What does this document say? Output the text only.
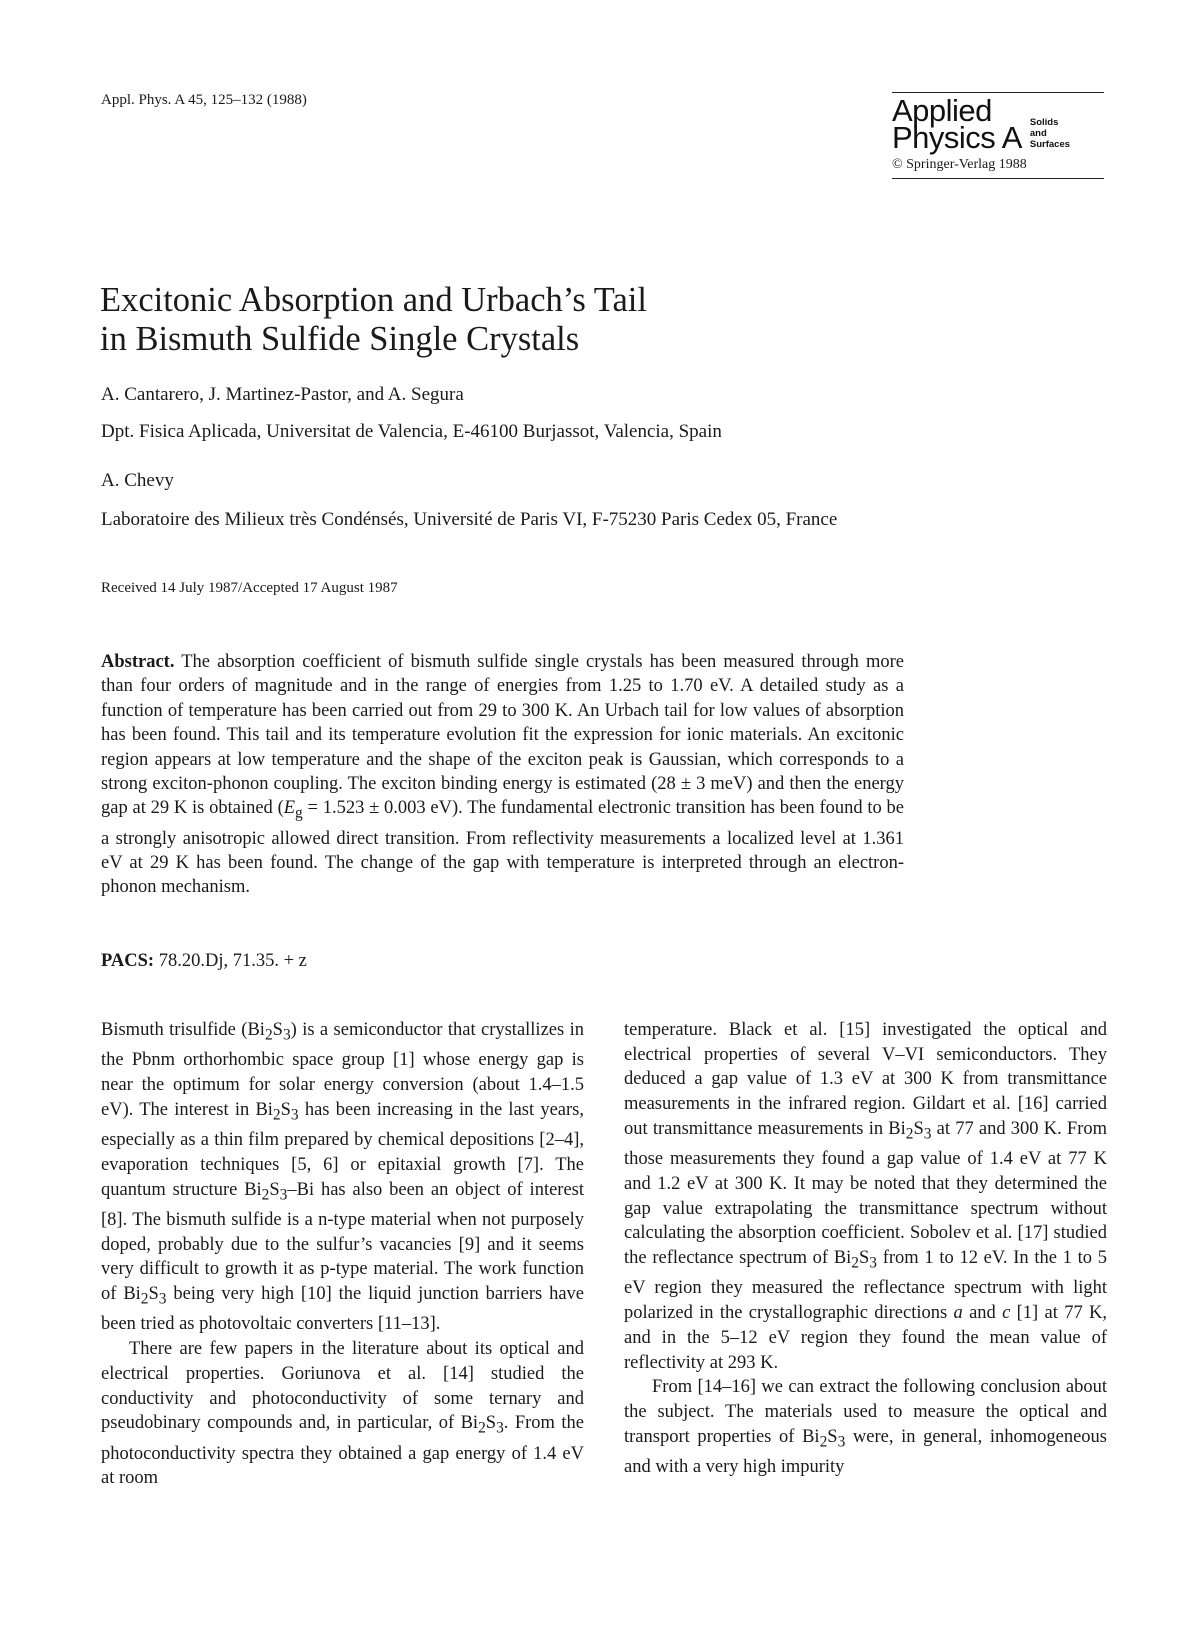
Appl. Phys. A 45, 125–132 (1988)	Applied
Physics A Solids
and
Surfaces
© Springer-Verlag 1988
Excitonic Absorption and Urbach’s Tail
in Bismuth Sulfide Single Crystals
A. Cantarero, J. Martinez-Pastor, and A. Segura
Dpt. Fisica Aplicada, Universitat de Valencia, E-46100 Burjassot, Valencia, Spain
A. Chevy
Laboratoire des Milieux très Condénsés, Université de Paris VI, F-75230 Paris Cedex 05, France
Received 14 July 1987/Accepted 17 August 1987
Abstract. The absorption coefficient of bismuth sulfide single crystals has been measured through more than four orders of magnitude and in the range of energies from 1.25 to 1.70 eV. A detailed study as a function of temperature has been carried out from 29 to 300 K. An Urbach tail for low values of absorption has been found. This tail and its temperature evolution fit the expression for ionic materials. An excitonic region appears at low temperature and the shape of the exciton peak is Gaussian, which corresponds to a strong exciton-phonon coupling. The exciton binding energy is estimated (28 ± 3 meV) and then the energy gap at 29 K is obtained ($E_g = 1.523 \pm 0.003$ eV). The fundamental electronic transition has been found to be a strongly anisotropic allowed direct transition. From reflectivity measurements a localized level at 1.361 eV at 29 K has been found. The change of the gap with temperature is interpreted through an electron-phonon mechanism.
PACS: 78.20.Dj, 71.35. + z

Bismuth trisulfide $(Bi_2S_3)$ is a semiconductor that crystallizes in the Pbnm orthorhombic space group [1] whose energy gap is near the optimum for solar energy conversion (about 1.4–1.5 eV). The interest in $Bi_2S_3$ has been increasing in the last years, especially as a thin film prepared by chemical depositions [2–4], evaporation techniques [5, 6] or epitaxial growth [7]. The quantum structure $Bi_2S_3-Bi$ has also been an object of interest [8]. The bismuth sulfide is a n-type material when not purposely doped, probably due to the sulfur’s vacancies [9] and it seems very difficult to growth it as p-type material. The work function of $Bi_2S_3$ being very high [10] the liquid junction barriers have been tried as photovoltaic converters [11–13].

There are few papers in the literature about its optical and electrical properties. Goriunova et al. [14] studied the conductivity and photoconductivity of some ternary and pseudobinary compounds and, in particular, of $Bi_2S_3$. From the photoconductivity spectra they obtained a gap energy of 1.4 eV at room

temperature. Black et al. [15] investigated the optical and electrical properties of several V–VI semiconductors. They deduced a gap value of 1.3 eV at 300 K from transmittance measurements in the infrared region. Gildart et al. [16] carried out transmittance measurements in $Bi_2S_3$ at 77 and 300 K. From those measurements they found a gap value of 1.4 eV at 77 K and 1.2 eV at 300 K. It may be noted that they determined the gap value extrapolating the transmittance spectrum without calculating the absorption coefficient. Sobolev et al. [17] studied the reflectance spectrum of $Bi_2S_3$ from 1 to 12 eV. In the 1 to 5 eV region they measured the reflectance spectrum with light polarized in the crystallographic directions a and c [1] at 77 K, and in the 5–12 eV region they found the mean value of reflectivity at 293 K.

From [14–16] we can extract the following conclusion about the subject. The materials used to measure the optical and transport properties of $Bi_2S_3$ were, in general, inhomogeneous and with a very high impurity
